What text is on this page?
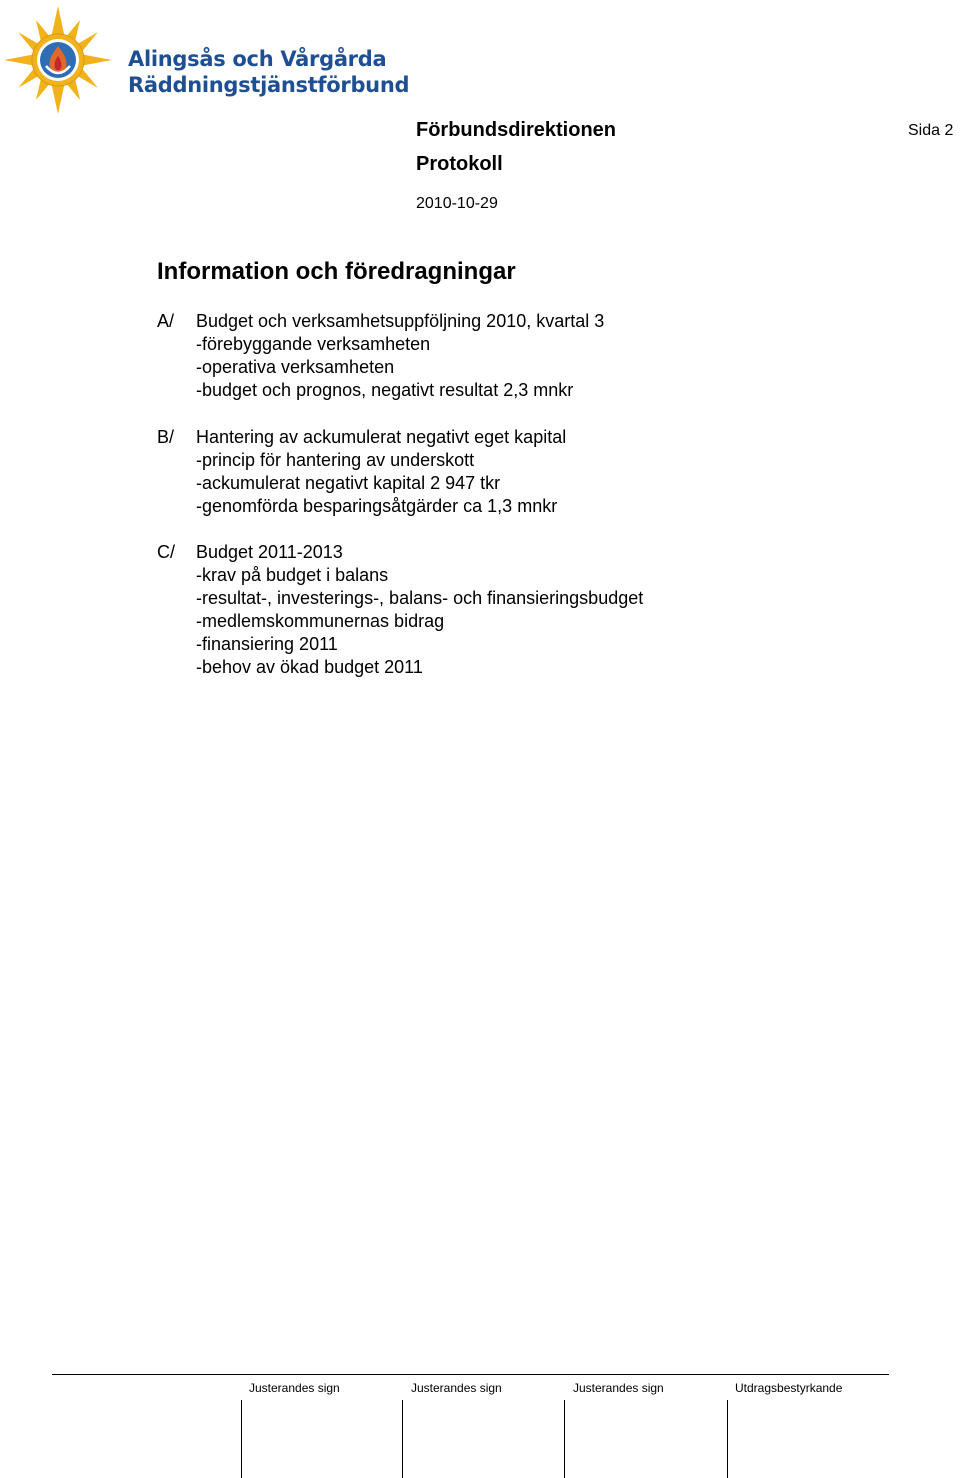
Alingsås och Vårgårda
Räddningstjänstförbund
Förbundsdirektionen
Protokoll
2010-10-29
Sida 2
Information och föredragningar
A/ Budget och verksamhetsuppföljning 2010, kvartal 3
-förebyggande verksamheten
-operativa verksamheten
-budget och prognos, negativt resultat 2,3 mnkr
B/ Hantering av ackumulerat negativt eget kapital
-princip för hantering av underskott
-ackumulerat negativt kapital 2 947 tkr
-genomförda besparingsåtgärder ca 1,3 mnkr
C/ Budget 2011-2013
-krav på budget i balans
-resultat-, investerings-, balans- och finansieringsbudget
-medlemskommunernas bidrag
-finansiering 2011
-behov av ökad budget 2011
Justerandes sign	Justerandes sign	Justerandes sign	Utdragsbestyrkande
